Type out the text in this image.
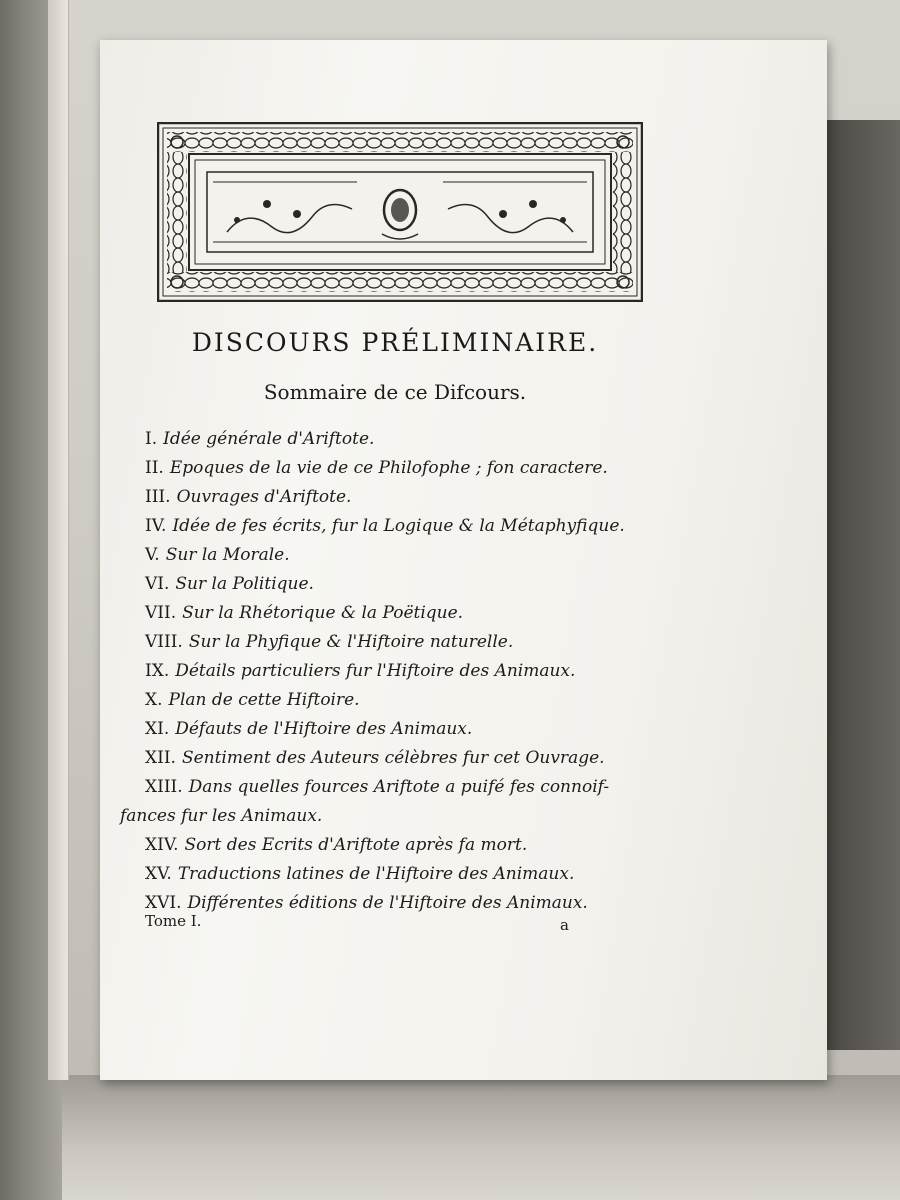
DISCOURS PRÉLIMINAIRE.
Sommaire de ce Difcours.
I. Idée générale d'Ariftote.
II. Epoques de la vie de ce Philofophe ; fon caractere.
III. Ouvrages d'Ariftote.
IV. Idée de fes écrits, fur la Logique & la Métaphyfique.
V. Sur la Morale.
VI. Sur la Politique.
VII. Sur la Rhétorique & la Poëtique.
VIII. Sur la Phyfique & l'Hiftoire naturelle.
IX. Détails particuliers fur l'Hiftoire des Animaux.
X. Plan de cette Hiftoire.
XI. Défauts de l'Hiftoire des Animaux.
XII. Sentiment des Auteurs célèbres fur cet Ouvrage.
XIII. Dans quelles fources Ariftote a puifé fes connoif-
fances fur les Animaux.
XIV. Sort des Ecrits d'Ariftote après fa mort.
XV. Traductions latines de l'Hiftoire des Animaux.
XVI. Différentes éditions de l'Hiftoire des Animaux.
Tome I.	a
